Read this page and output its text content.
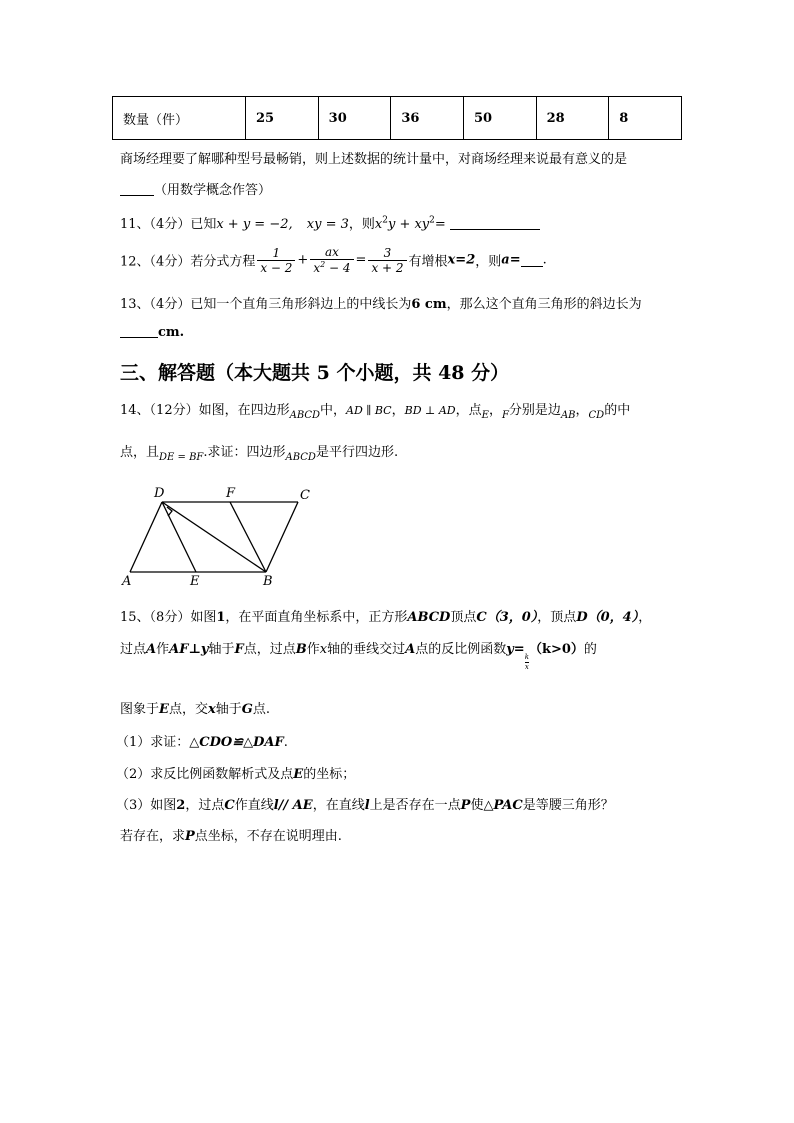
数量（件）	25	30	36	50	28	8
商场经理要了解哪种型号最畅销，则上述数据的统计量中，对商场经理来说最有意义的是
（用数学概念作答）
11、（4分）已知x + y = −2, xy = 3，则$x^2y + xy^2=$
12、（4分）若分式方程 $\frac{1}{x - 2} + \frac{ax}{x^2 - 4} = \frac{3}{x + 2}$ 有增根x=2，则a= .
13、（4分）已知一个直角三角形斜边上的中线长为6 cm，那么这个直角三角形的斜边长为
cm.
三、解答题（本大题共 5 个小题，共 48 分）
14、（12分）如图，在四边形$_{ABCD}$中，AD ∥ BC，BD ⊥ AD，点$_E$，$_F$分别是边$_{AB}$，$_{CD}$的中
点，且$_{DE = BF}$.求证：四边形$_{ABCD}$是平行四边形.
D	F	C
A	E	B
15、（8分）如图1，在平面直角坐标系中，正方形ABCD顶点C（3，0），顶点D（0，4），
过点A作AF⊥y轴于F点，过点B作x轴的垂线交过A点的反比例函数$y=\frac{k}{x}$
（k>0）的
图象于E点，交x轴于G点.
（1）求证：△CDO≌△DAF.
（2）求反比例函数解析式及点E的坐标；
（3）如图2，过点C作直线l// AE，在直线l上是否存在一点P使△PAC是等腰三角形？
若存在，求P点坐标，不存在说明理由.
